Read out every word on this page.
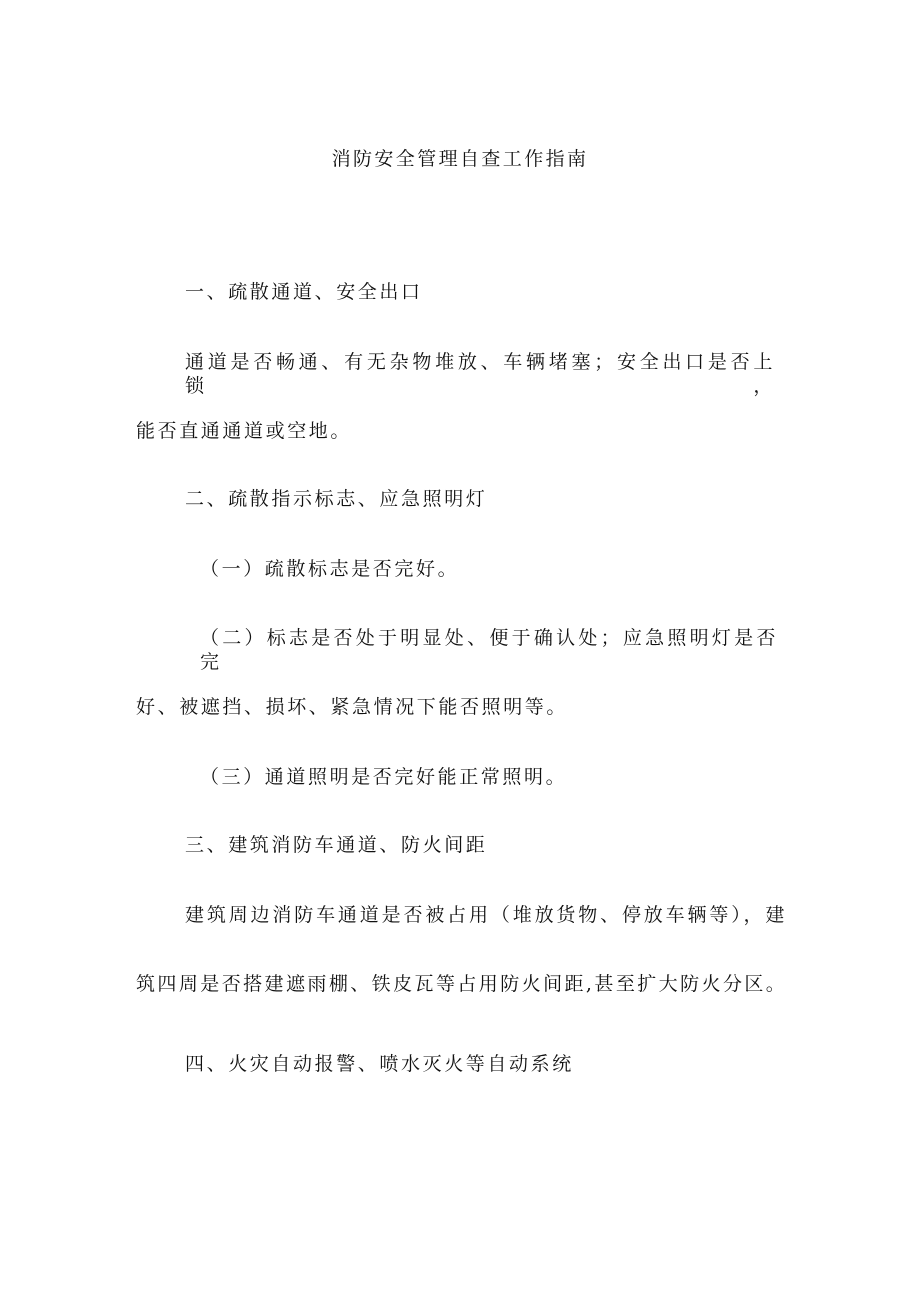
消防安全管理自查工作指南
一、疏散通道、安全出口
通道是否畅通、有无杂物堆放、车辆堵塞；安全出口是否上锁，
能否直通通道或空地。
二、疏散指示标志、应急照明灯
（一）疏散标志是否完好。
（二）标志是否处于明显处、便于确认处；应急照明灯是否完
好、被遮挡、损坏、紧急情况下能否照明等。
（三）通道照明是否完好能正常照明。
三、建筑消防车通道、防火间距
建筑周边消防车通道是否被占用（堆放货物、停放车辆等），建
筑四周是否搭建遮雨棚、铁皮瓦等占用防火间距,甚至扩大防火分区。
四、火灾自动报警、喷水灭火等自动系统
